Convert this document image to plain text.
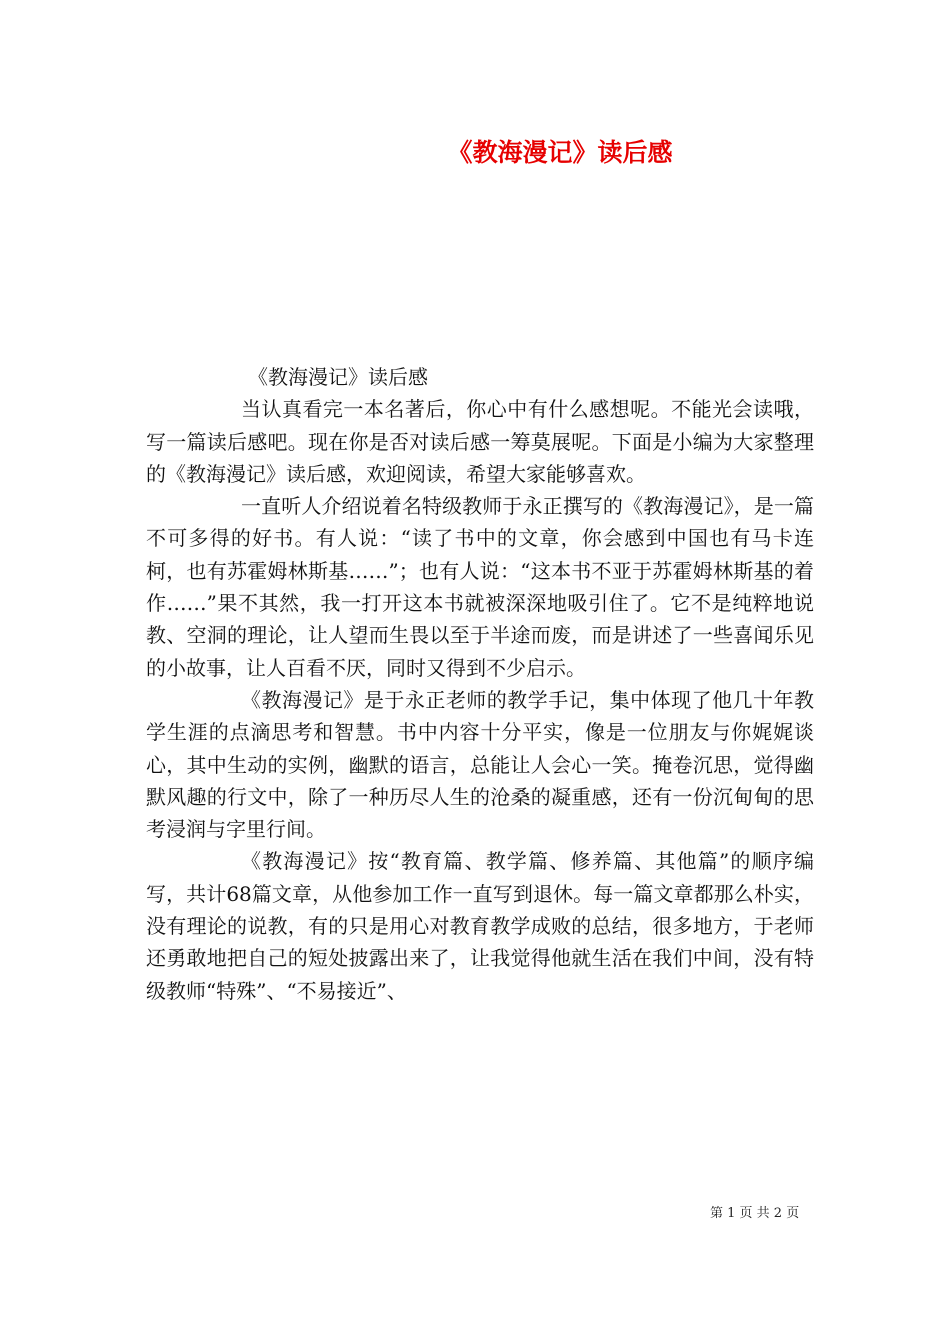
《教海漫记》读后感

《教海漫记》读后感

当认真看完一本名著后，你心中有什么感想呢。不能光会读哦，写一篇读后感吧。现在你是否对读后感一筹莫展呢。下面是小编为大家整理的《教海漫记》读后感，欢迎阅读，希望大家能够喜欢。

一直听人介绍说着名特级教师于永正撰写的《教海漫记》，是一篇不可多得的好书。有人说：“读了书中的文章，你会感到中国也有马卡连柯，也有苏霍姆林斯基……”；也有人说：“这本书不亚于苏霍姆林斯基的着作……”果不其然，我一打开这本书就被深深地吸引住了。它不是纯粹地说教、空洞的理论，让人望而生畏以至于半途而废，而是讲述了一些喜闻乐见的小故事，让人百看不厌，同时又得到不少启示。

《教海漫记》是于永正老师的教学手记，集中体现了他几十年教学生涯的点滴思考和智慧。书中内容十分平实，像是一位朋友与你娓娓谈心，其中生动的实例，幽默的语言，总能让人会心一笑。掩卷沉思，觉得幽默风趣的行文中，除了一种历尽人生的沧桑的凝重感，还有一份沉甸甸的思考浸润与字里行间。

《教海漫记》按“教育篇、教学篇、修养篇、其他篇”的顺序编写，共计68篇文章，从他参加工作一直写到退休。每一篇文章都那么朴实，没有理论的说教，有的只是用心对教育教学成败的总结，很多地方，于老师还勇敢地把自己的短处披露出来了，让我觉得他就生活在我们中间，没有特级教师“特殊”、“不易接近”、

第 1 页 共 2 页
